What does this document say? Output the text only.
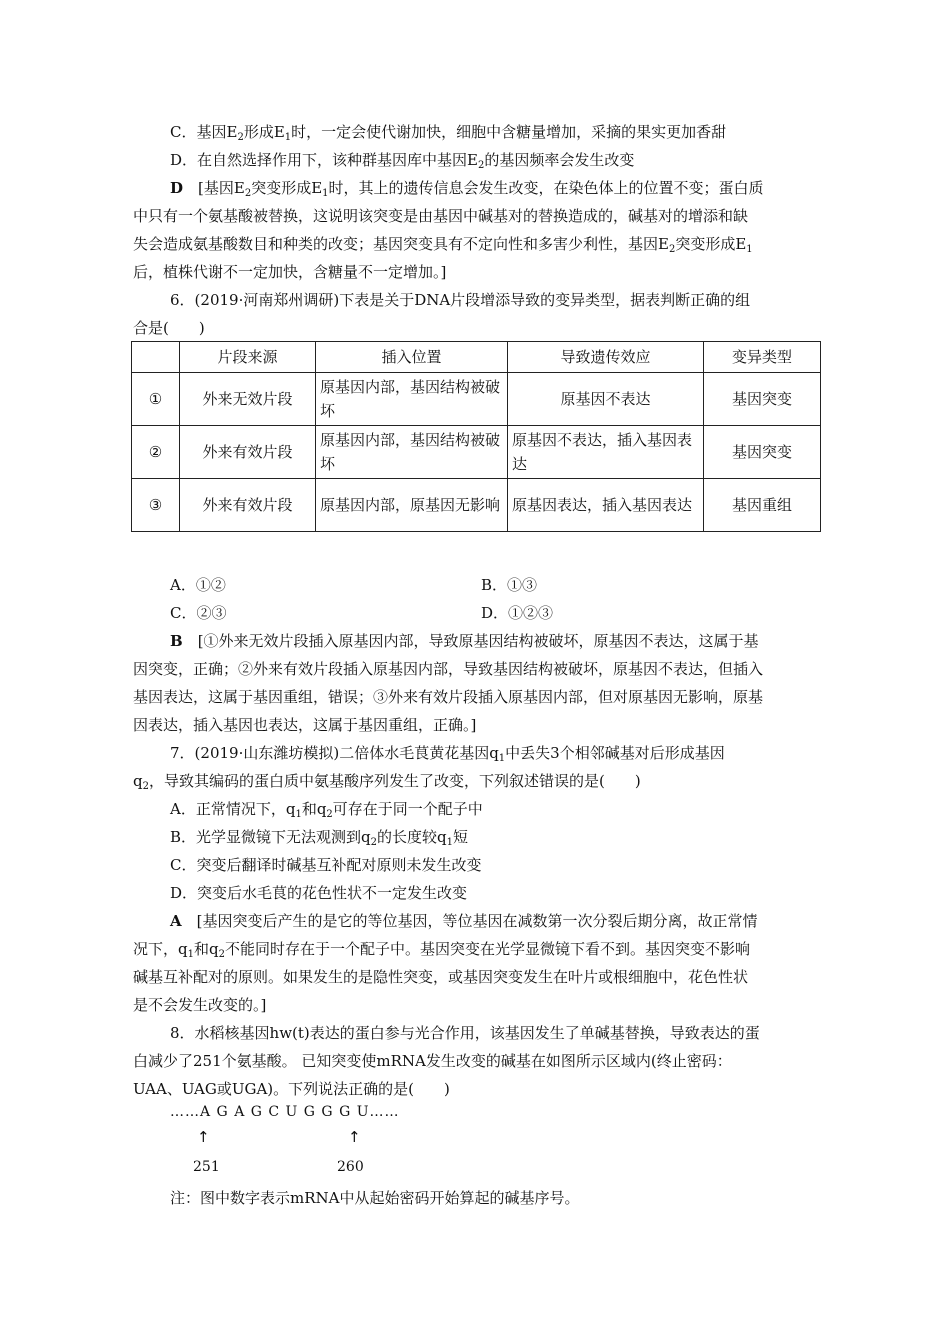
C．基因$E_2$形成$E_1$时，一定会使代谢加快，细胞中含糖量增加，采摘的果实更加香甜
D．在自然选择作用下，该种群基因库中基因$E_2$的基因频率会发生改变
D　 [基因$E_2$突变形成$E_1$时，其上的遗传信息会发生改变，在染色体上的位置不变；蛋白质
中只有一个氨基酸被替换，这说明该突变是由基因中碱基对的替换造成的，碱基对的增添和缺
失会造成氨基酸数目和种类的改变；基因突变具有不定向性和多害少利性，基因$E_2$突变形成$E_1$
后，植株代谢不一定加快，含糖量不一定增加。]
6．(2019·河南郑州调研)下表是关于DNA片段增添导致的变异类型，据表判断正确的组
合是(　　)
	片段来源	插入位置	导致遗传效应	变异类型
①	外来无效片段	原基因内部，基因结构被破坏	原基因不表达	基因突变
②	外来有效片段	原基因内部，基因结构被破坏	原基因不表达，插入基因表达	基因突变
③	外来有效片段	原基因内部，原基因无影响	原基因表达，插入基因表达	基因重组
A．①②	B．①③
C．②③	D．①②③
B　 [①外来无效片段插入原基因内部，导致原基因结构被破坏，原基因不表达，这属于基
因突变，正确；②外来有效片段插入原基因内部，导致基因结构被破坏，原基因不表达，但插入
基因表达，这属于基因重组，错误；③外来有效片段插入原基因内部，但对原基因无影响，原基
因表达，插入基因也表达，这属于基因重组，正确。]
7．(2019·山东潍坊模拟)二倍体水毛茛黄花基因$q_1$中丢失3个相邻碱基对后形成基因
$q_2$，导致其编码的蛋白质中氨基酸序列发生了改变，下列叙述错误的是(　　)
A．正常情况下，$q_1$和$q_2$可存在于同一个配子中
B．光学显微镜下无法观测到$q_2$的长度较$q_1$短
C．突变后翻译时碱基互补配对原则未发生改变
D．突变后水毛茛的花色性状不一定发生改变
A　 [基因突变后产生的是它的等位基因，等位基因在减数第一次分裂后期分离，故正常情
况下，$q_1$和$q_2$不能同时存在于一个配子中。基因突变在光学显微镜下看不到。基因突变不影响
碱基互补配对的原则。如果发生的是隐性突变，或基因突变发生在叶片或根细胞中，花色性状
是不会发生改变的。]
8．水稻核基因hw(t)表达的蛋白参与光合作用，该基因发生了单碱基替换，导致表达的蛋
白减少了251个氨基酸。 已知突变使mRNA发生改变的碱基在如图所示区域内(终止密码：
UAA、UAG或UGA)。下列说法正确的是(　　)
……A G A G C U G G G U……
↑	↑
251	260
注：图中数字表示mRNA中从起始密码开始算起的碱基序号。
